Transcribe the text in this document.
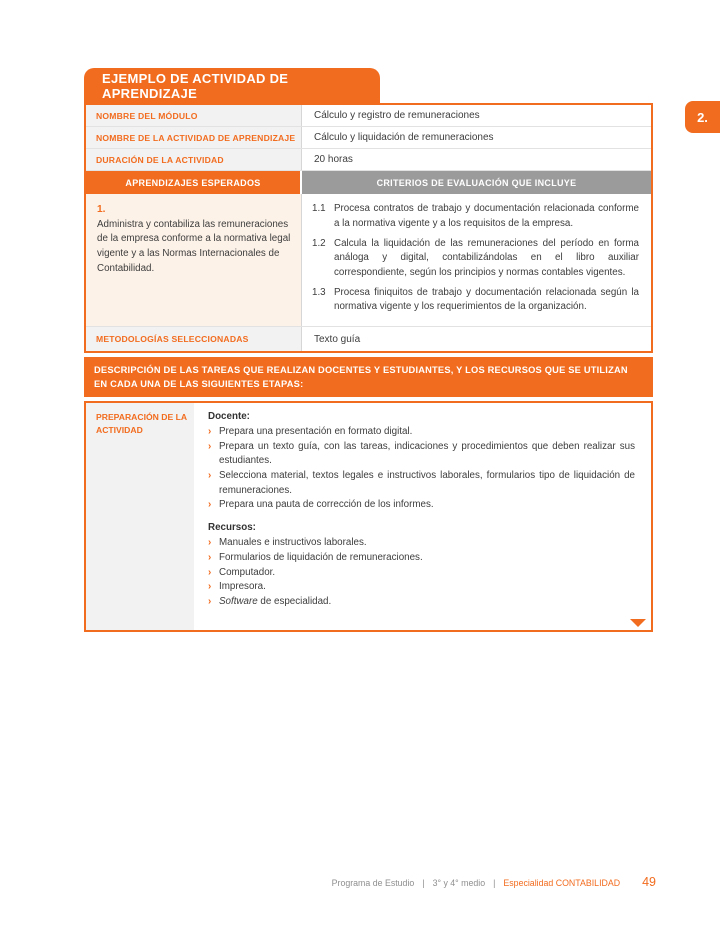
2.
EJEMPLO DE ACTIVIDAD DE APRENDIZAJE
NOMBRE DEL MÓDULO	Cálculo y registro de remuneraciones
NOMBRE DE LA ACTIVIDAD DE APRENDIZAJE	Cálculo y liquidación de remuneraciones
DURACIÓN DE LA ACTIVIDAD	20 horas
APRENDIZAJES ESPERADOS	CRITERIOS DE EVALUACIÓN QUE INCLUYE
1.
Administra y contabiliza las remuneraciones de la empresa conforme a la normativa legal vigente y a las Normas Internacionales de Contabilidad.
1.1 Procesa contratos de trabajo y documentación relacionada conforme a la normativa vigente y a los requisitos de la empresa.
1.2 Calcula la liquidación de las remuneraciones del período en forma análoga y digital, contabilizándolas en el libro auxiliar correspondiente, según los principios y normas contables vigentes.
1.3 Procesa finiquitos de trabajo y documentación relacionada según la normativa vigente y los requerimientos de la organización.
METODOLOGÍAS SELECCIONADAS	Texto guía
DESCRIPCIÓN DE LAS TAREAS QUE REALIZAN DOCENTES Y ESTUDIANTES, Y LOS RECURSOS QUE SE UTILIZAN EN CADA UNA DE LAS SIGUIENTES ETAPAS:
PREPARACIÓN DE LA ACTIVIDAD
Docente:
› Prepara una presentación en formato digital.
› Prepara un texto guía, con las tareas, indicaciones y procedimientos que deben realizar sus estudiantes.
› Selecciona material, textos legales e instructivos laborales, formularios tipo de liquidación de remuneraciones.
› Prepara una pauta de corrección de los informes.
Recursos:
› Manuales e instructivos laborales.
› Formularios de liquidación de remuneraciones.
› Computador.
› Impresora.
› Software de especialidad.
Programa de Estudio | 3° y 4° medio | Especialidad CONTABILIDAD 49
